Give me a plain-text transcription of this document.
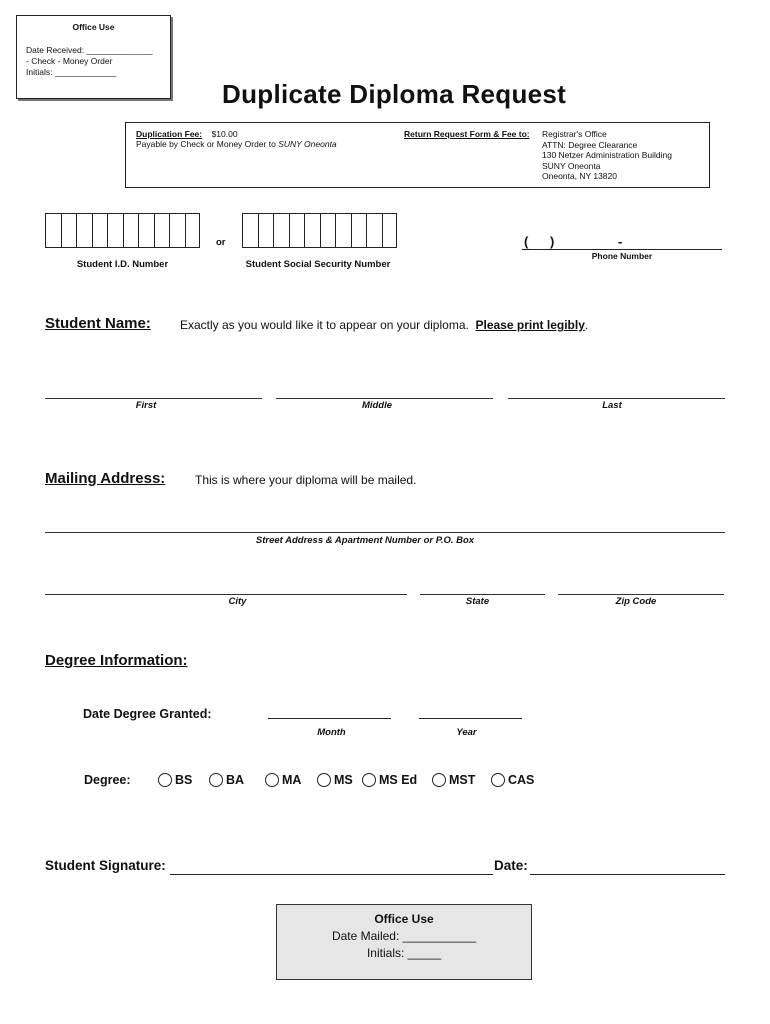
Office Use
Date Received: ______________
- Check - Money Order
Initials: _____________
Duplicate Diploma Request
Duplication Fee: $10.00
Payable by Check or Money Order to SUNY Oneonta
Return Request Form & Fee to: Registrar's Office
ATTN: Degree Clearance
130 Netzer Administration Building
SUNY Oneonta
Oneonta, NY 13820
Student I.D. Number
or
Student Social Security Number
(      )	-
Phone Number
Student Name: Exactly as you would like it to appear on your diploma. Please print legibly.
First	Middle	Last
Mailing Address: This is where your diploma will be mailed.
Street Address & Apartment Number or P.O. Box
City	State	Zip Code
Degree Information:
Date Degree Granted:
Month	Year
Degree:	BS	BA	MA	MS MS Ed	MST	CAS
Student Signature:	Date:
Office Use
Date Mailed: ___________
Initials: _____
